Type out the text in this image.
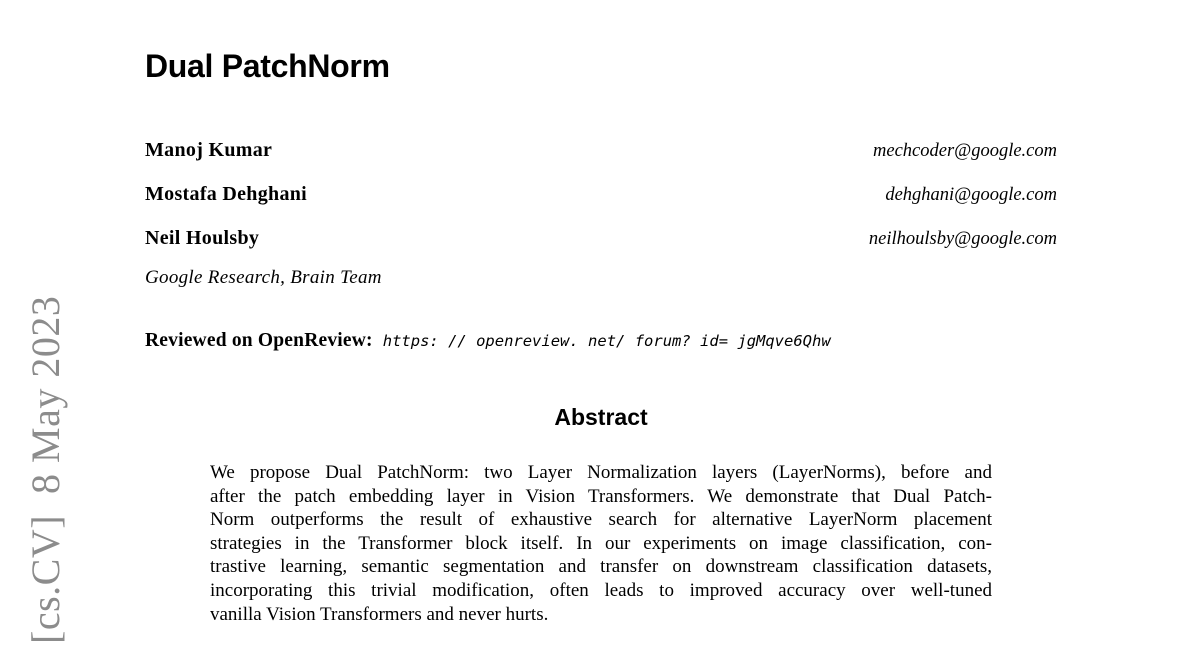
[cs.CV]  8 May 2023
Dual PatchNorm
Manoj Kumar	mechcoder@google.com
Mostafa Dehghani	dehghani@google.com
Neil Houlsby	neilhoulsby@google.com
Google Research, Brain Team
Reviewed on OpenReview: https: // openreview. net/ forum? id= jgMqve6Qhw
Abstract
We propose Dual PatchNorm: two Layer Normalization layers (LayerNorms), before and
after the patch embedding layer in Vision Transformers. We demonstrate that Dual Patch-
Norm outperforms the result of exhaustive search for alternative LayerNorm placement
strategies in the Transformer block itself. In our experiments on image classification, con-
trastive learning, semantic segmentation and transfer on downstream classification datasets,
incorporating this trivial modification, often leads to improved accuracy over well-tuned
vanilla Vision Transformers and never hurts.
